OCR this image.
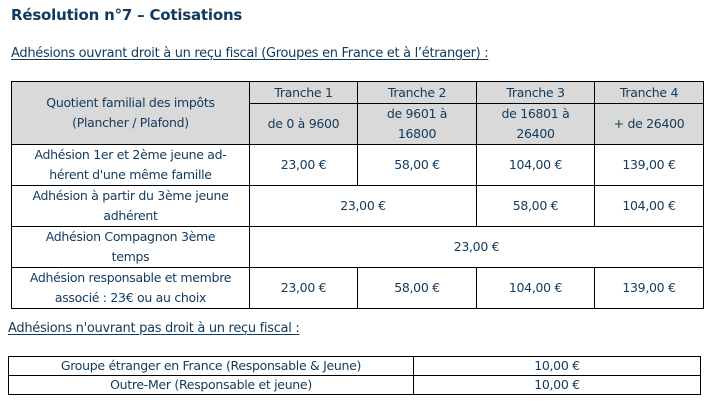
Résolution n°7 – Cotisations
Adhésions ouvrant droit à un reçu fiscal (Groupes en France et à l’étranger) :
Quotient familial des impôts
(Plancher / Plafond)	Tranche 1	Tranche 2	Tranche 3	Tranche 4
	de 0 à 9600	de 9601 à 16800	de 16801 à 26400	+ de 26400
Adhésion 1er et 2ème jeune ad-hérent d'une même famille	23,00 €	58,00 €	104,00 €	139,00 €
Adhésion à partir du 3ème jeune adhérent	23,00 €		58,00 €	104,00 €
Adhésion Compagnon 3ème temps	23,00 €			
Adhésion responsable et membre associé : 23€ ou au choix	23,00 €	58,00 €	104,00 €	139,00 €
Adhésions n'ouvrant pas droit à un reçu fiscal :
Groupe étranger en France (Responsable & Jeune)	10,00 €
Outre-Mer (Responsable et jeune)	10,00 €
